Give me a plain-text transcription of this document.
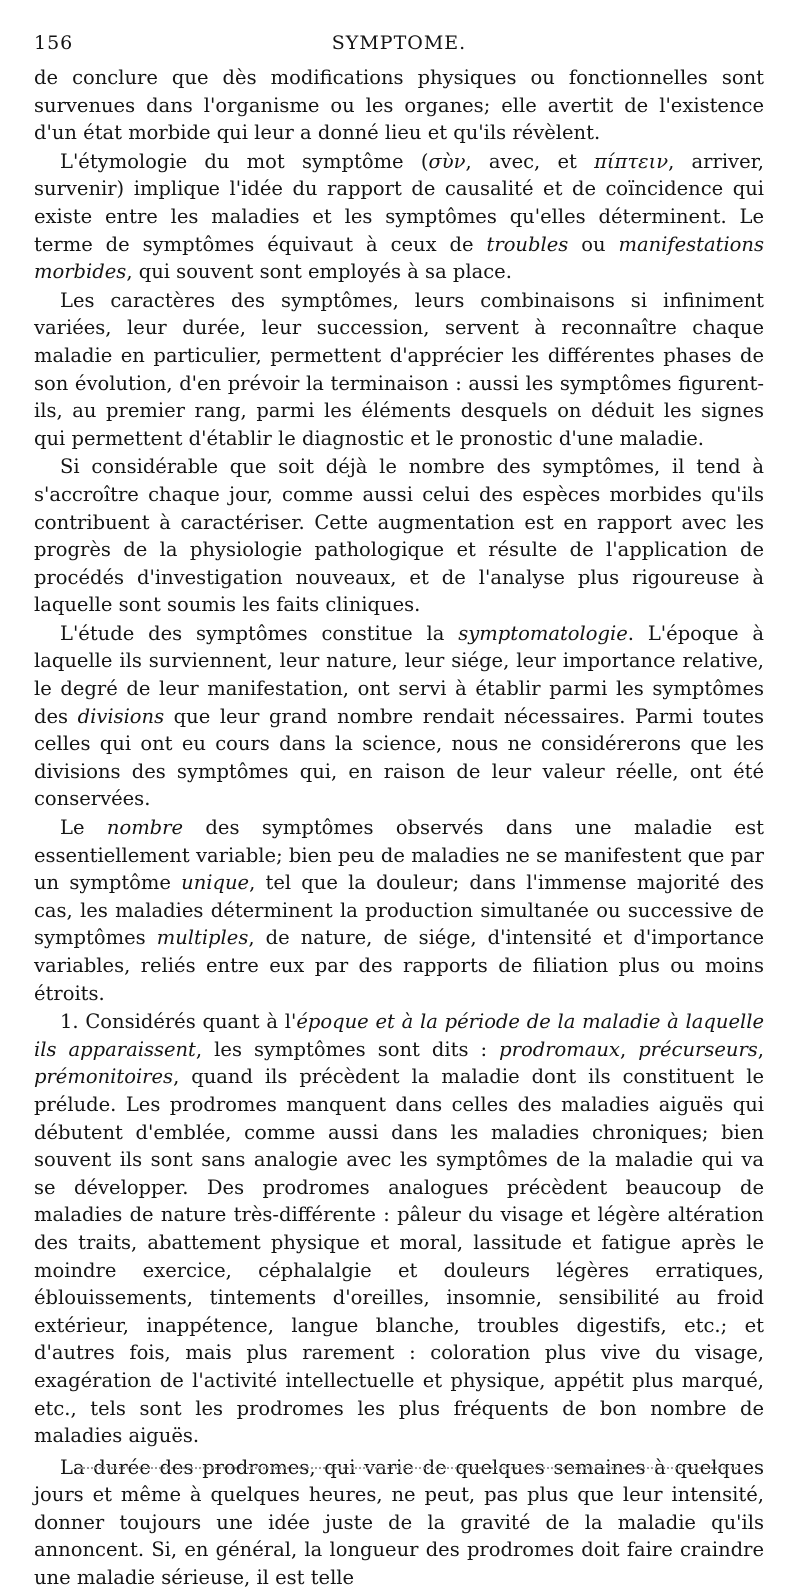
156	SYMPTOME.

de conclure que dès modifications physiques ou fonctionnelles sont survenues dans l'organisme ou les organes; elle avertit de l'existence d'un état morbide qui leur a donné lieu et qu'ils révèlent.

L'étymologie du mot symptôme (σὺν, avec, et πίπτειν, arriver, survenir) implique l'idée du rapport de causalité et de coïncidence qui existe entre les maladies et les symptômes qu'elles déterminent. Le terme de symptômes équivaut à ceux de troubles ou manifestations morbides, qui souvent sont employés à sa place.

Les caractères des symptômes, leurs combinaisons si infiniment variées, leur durée, leur succession, servent à reconnaître chaque maladie en particulier, permettent d'apprécier les différentes phases de son évolution, d'en prévoir la terminaison : aussi les symptômes figurent-ils, au premier rang, parmi les éléments desquels on déduit les signes qui permettent d'établir le diagnostic et le pronostic d'une maladie.

Si considérable que soit déjà le nombre des symptômes, il tend à s'accroître chaque jour, comme aussi celui des espèces morbides qu'ils contribuent à caractériser. Cette augmentation est en rapport avec les progrès de la physiologie pathologique et résulte de l'application de procédés d'investigation nouveaux, et de l'analyse plus rigoureuse à laquelle sont soumis les faits cliniques.

L'étude des symptômes constitue la symptomatologie. L'époque à laquelle ils surviennent, leur nature, leur siége, leur importance relative, le degré de leur manifestation, ont servi à établir parmi les symptômes des divisions que leur grand nombre rendait nécessaires. Parmi toutes celles qui ont eu cours dans la science, nous ne considérerons que les divisions des symptômes qui, en raison de leur valeur réelle, ont été conservées.

Le nombre des symptômes observés dans une maladie est essentiellement variable; bien peu de maladies ne se manifestent que par un symptôme unique, tel que la douleur; dans l'immense majorité des cas, les maladies déterminent la production simultanée ou successive de symptômes multiples, de nature, de siége, d'intensité et d'importance variables, reliés entre eux par des rapports de filiation plus ou moins étroits.

1. Considérés quant à l'époque et à la période de la maladie à laquelle ils apparaissent, les symptômes sont dits : prodromaux, précurseurs, prémonitoires, quand ils précèdent la maladie dont ils constituent le prélude. Les prodromes manquent dans celles des maladies aiguës qui débutent d'emblée, comme aussi dans les maladies chroniques; bien souvent ils sont sans analogie avec les symptômes de la maladie qui va se développer. Des prodromes analogues précèdent beaucoup de maladies de nature très-différente : pâleur du visage et légère altération des traits, abattement physique et moral, lassitude et fatigue après le moindre exercice, céphalalgie et douleurs légères erratiques, éblouissements, tintements d'oreilles, insomnie, sensibilité au froid extérieur, inappétence, langue blanche, troubles digestifs, etc.; et d'autres fois, mais plus rarement : coloration plus vive du visage, exagération de l'activité intellectuelle et physique, appétit plus marqué, etc., tels sont les prodromes les plus fréquents de bon nombre de maladies aiguës.

La durée des prodromes, qui varie de quelques semaines à quelques jours et même à quelques heures, ne peut, pas plus que leur intensité, donner toujours une idée juste de la gravité de la maladie qu'ils annoncent. Si, en général, la longueur des prodromes doit faire craindre une maladie sérieuse, il est telle
